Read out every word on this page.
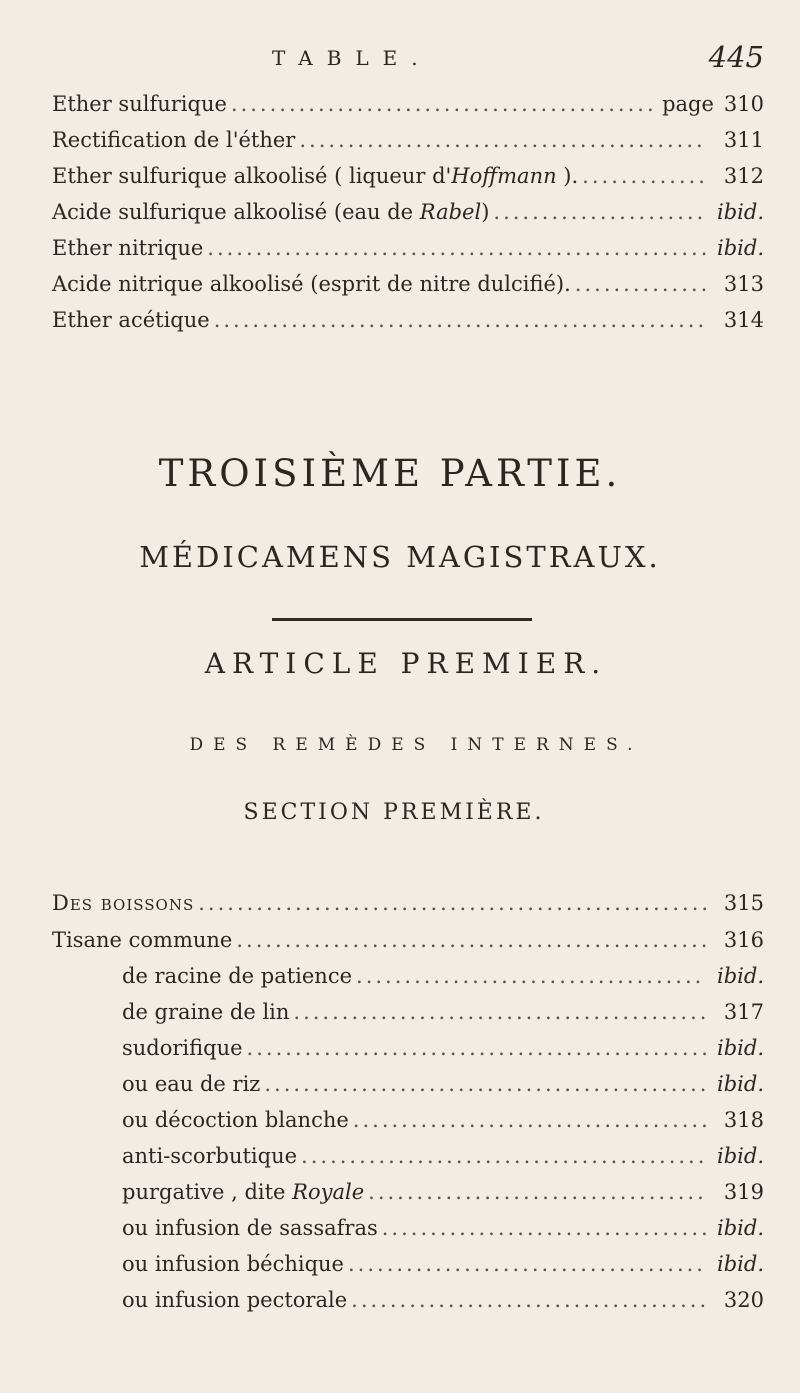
TABLE.	445
Ether sulfurique .....	page 310
Rectification de l'éther .....	311
Ether sulfurique alkoolisé ( liqueur d'Hoffmann ). .....	312
Acide sulfurique alkoolisé (eau de Rabel) .....	ibid.
Ether nitrique .....	ibid.
Acide nitrique alkoolisé (esprit de nitre dulcifié). .....	313
Ether acétique .....	314
TROISIÈME PARTIE.
MÉDICAMENS MAGISTRAUX.
ARTICLE PREMIER.
DES REMÈDES INTERNES.
SECTION PREMIÈRE.
Des boissons .....	315
Tisane commune .....	316
de racine de patience .....	ibid.
de graine de lin .....	317
sudorifique .....	ibid.
ou eau de riz .....	ibid.
ou décoction blanche .....	318
anti-scorbutique .....	ibid.
purgative , dite Royale .....	319
ou infusion de sassafras .....	ibid.
ou infusion béchique .....	ibid.
ou infusion pectorale .....	320
